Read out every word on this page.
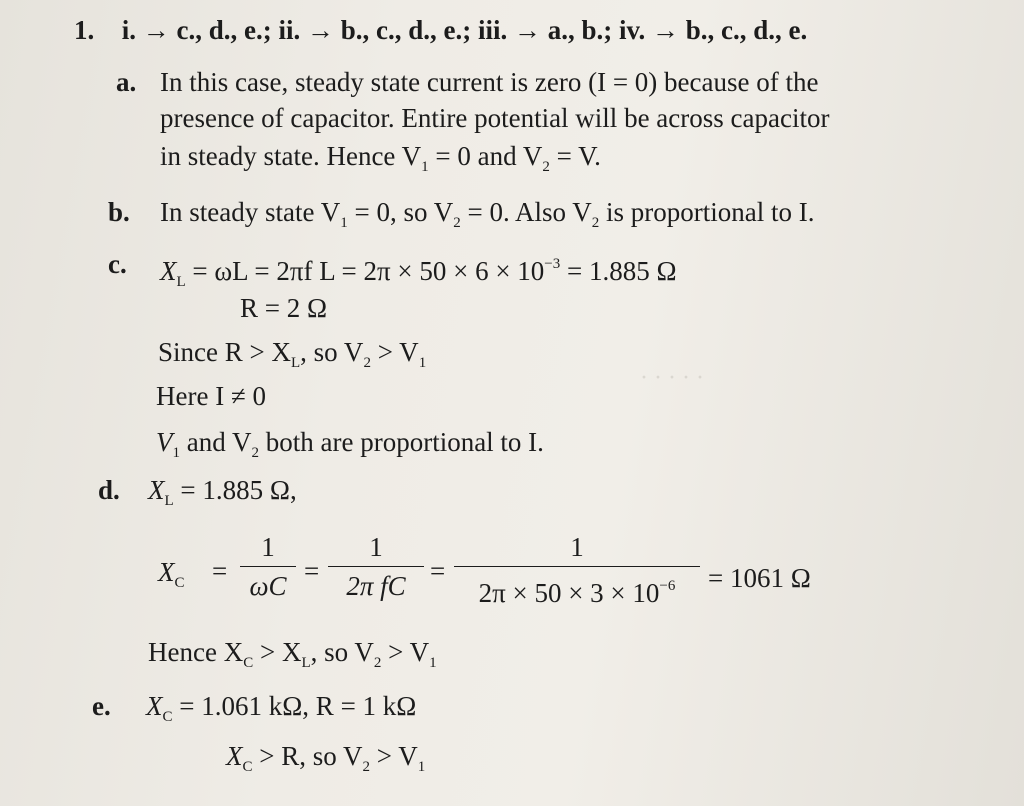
· · · · ·
1. i. → c., d., e.; ii. → b., c., d., e.; iii. → a., b.; iv. → b., c., d., e.
a. In this case, steady state current is zero (I = 0) because of the
presence of capacitor. Entire potential will be across capacitor
in steady state. Hence $V_1 = 0$ and $V_2 = V$.
b. In steady state $V_1 = 0$, so $V_2 = 0$. Also $V_2$ is proportional to I.
c. $X_L = \omega L = 2\pi f$ $L = 2\pi \times 50 \times 6 \times 10^{-3} = 1.885$ Ω
R = 2 Ω
Since $R > X_L$, so $V_2 > V_1$
Here I ≠ 0
$V_1$ and $V_2$ both are proportional to I.
d. $X_L = 1.885$ Ω,
$X_C$ =
1
ωC =
1
2π fC =
1
$2\pi \times 50 \times 3 \times 10^{-6}$	= 1061 Ω
Hence $X_C > X_L$, so $V_2 > V_1$
e. $X_C = 1.061$ kΩ, R = 1 kΩ
$X_C > R$, so $V_2 > V_1$
